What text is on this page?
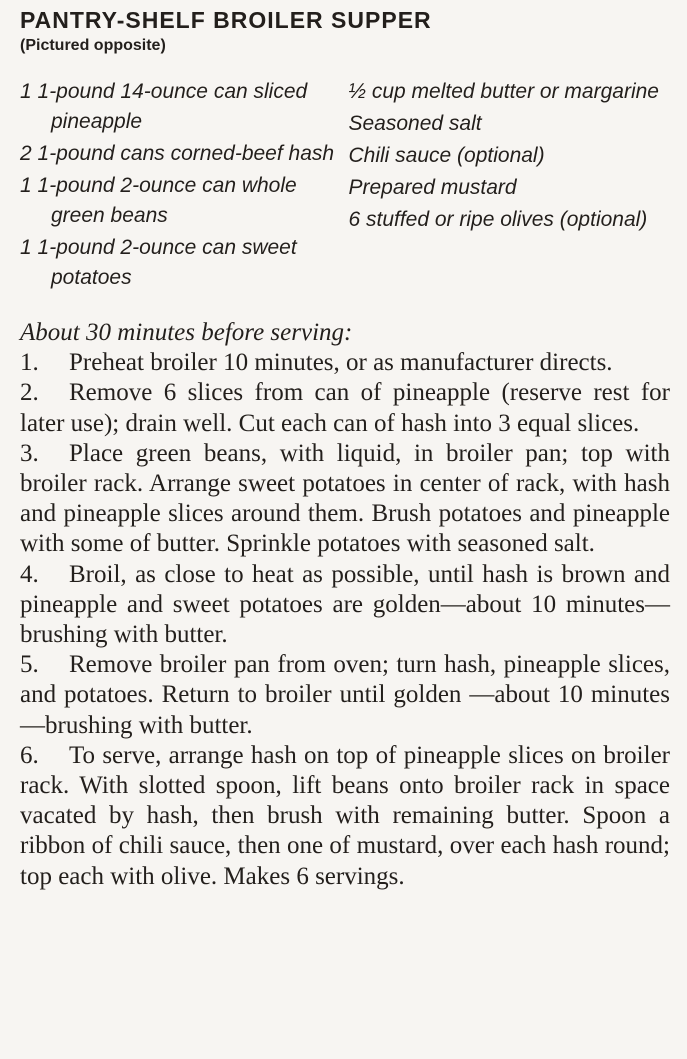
PANTRY-SHELF BROILER SUPPER
(Pictured opposite)
1 1-pound 14-ounce can sliced pineapple
2 1-pound cans corned-beef hash
1 1-pound 2-ounce can whole green beans
1 1-pound 2-ounce can sweet potatoes
½ cup melted butter or margarine
Seasoned salt
Chili sauce (optional)
Prepared mustard
6 stuffed or ripe olives (optional)

About 30 minutes before serving:

1. Preheat broiler 10 minutes, or as manufacturer directs.
2. Remove 6 slices from can of pineapple (reserve rest for later use); drain well. Cut each can of hash into 3 equal slices.
3. Place green beans, with liquid, in broiler pan; top with broiler rack. Arrange sweet potatoes in center of rack, with hash and pineapple slices around them. Brush potatoes and pineapple with some of butter. Sprinkle potatoes with seasoned salt.
4. Broil, as close to heat as possible, until hash is brown and pineapple and sweet potatoes are golden—about 10 minutes—brushing with butter.
5. Remove broiler pan from oven; turn hash, pineapple slices, and potatoes. Return to broiler until golden —about 10 minutes—brushing with butter.
6. To serve, arrange hash on top of pineapple slices on broiler rack. With slotted spoon, lift beans onto broiler rack in space vacated by hash, then brush with remaining butter. Spoon a ribbon of chili sauce, then one of mustard, over each hash round; top each with olive. Makes 6 servings.
